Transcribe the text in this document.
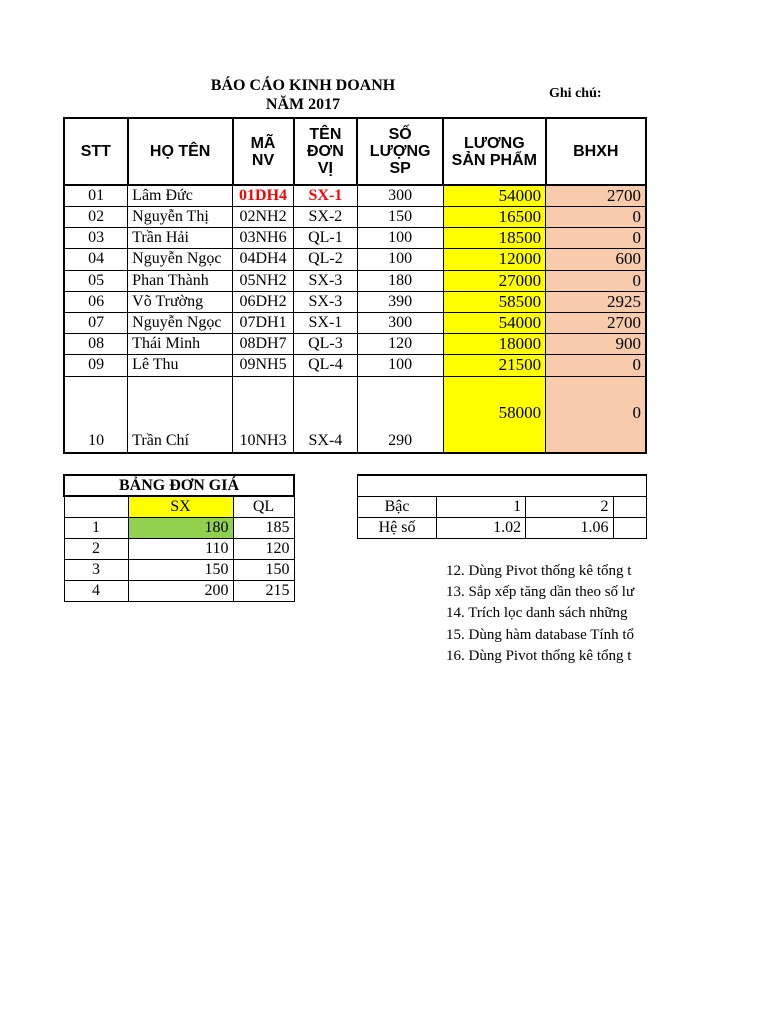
BÁO CÁO KINH DOANH
NĂM 2017
Ghi chú:
STT	HỌ TÊN	MÃ NV	TÊN ĐƠN VỊ	SỐ LƯỢNG SP	LƯƠNG SẢN PHẨM	BHXH
01	Lâm Đức	01DH4	SX-1	300	54000	2700
02	Nguyễn Thị	02NH2	SX-2	150	16500	0
03	Trần Hải	03NH6	QL-1	100	18500	0
04	Nguyễn Ngọc	04DH4	QL-2	100	12000	600
05	Phan Thành	05NH2	SX-3	180	27000	0
06	Võ Trường	06DH2	SX-3	390	58500	2925
07	Nguyễn Ngọc	07DH1	SX-1	300	54000	2700
08	Thái Minh	08DH7	QL-3	120	18000	900
09	Lê Thu	09NH5	QL-4	100	21500	0
10	Trần Chí	10NH3	SX-4	290	58000	0
BẢNG ĐƠN GIÁ		
	SX	QL
1	180	185
2	110	120
3	150	150
4	200	215

Bậc	1	2	
Hệ số	1.02	1.06	
12. Dùng Pivot thống kê tổng t
13. Sắp xếp tăng dần theo số lư
14. Trích lọc danh sách những
15. Dùng hàm database Tính tổ
16. Dùng Pivot thống kê tổng t
